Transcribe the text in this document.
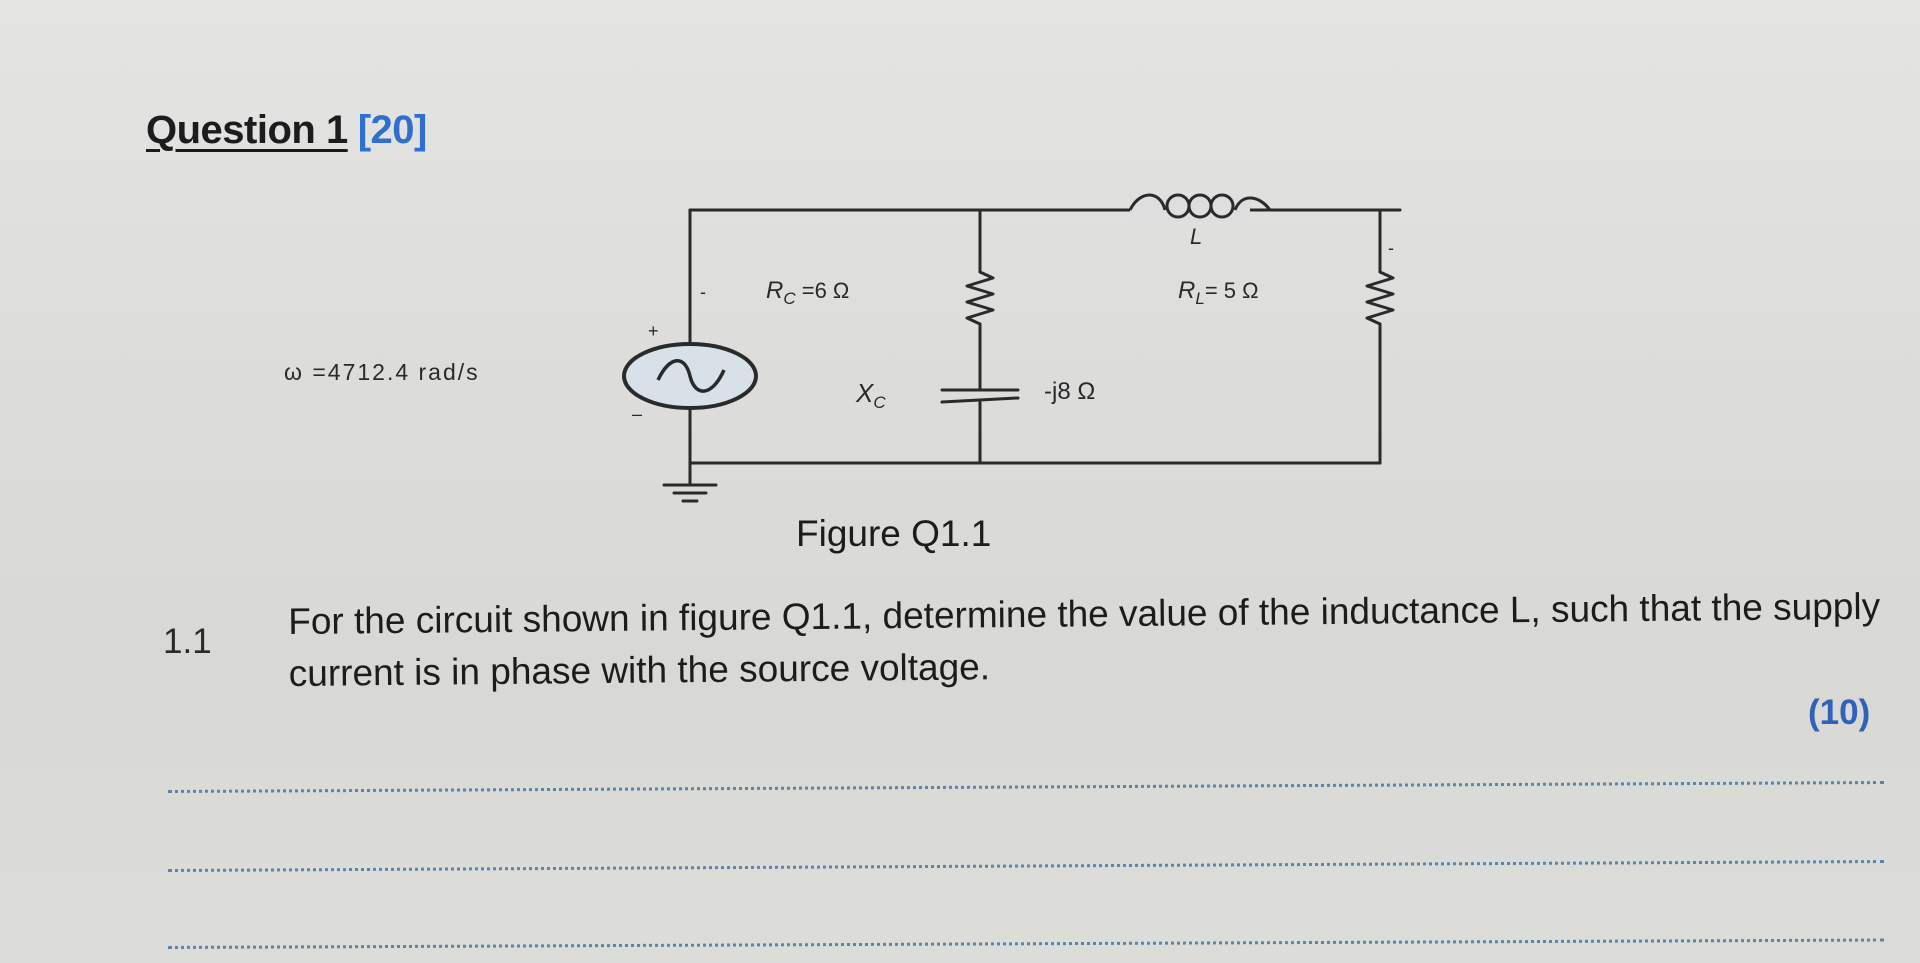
Question 1 [20]
+
–
-
-
ω =4712.4 rad/s
$R_C =6$ Ω
$X_C$	-j8 Ω
L
$R_L= 5$ Ω
Figure Q1.1
1.1 For the circuit shown in figure Q1.1, determine the value of the inductance L, such that the supply current is in phase with the source voltage.
(10)
